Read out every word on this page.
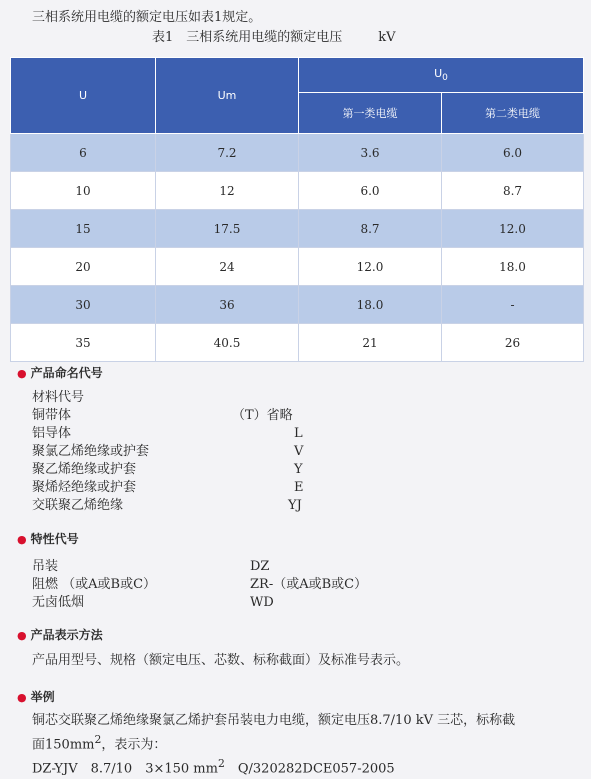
三相系统用电缆的额定电压如表1规定。
表1　三相系统用电缆的额定电压	kV
U	Um	$U_0$
		第一类电缆	第二类电缆
6	7.2	3.6	6.0
10	12	6.0	8.7
15	17.5	8.7	12.0
20	24	12.0	18.0
30	36	18.0	-
35	40.5	21	26
● 产品命名代号
材料代号
铜带体	（T）省略
铝导体	L
聚氯乙烯绝缘或护套	V
聚乙烯绝缘或护套	Y
聚烯烃绝缘或护套	E
交联聚乙烯绝缘	YJ
● 特性代号
吊装	DZ
阻燃 （或A或B或C）	ZR-（或A或B或C）
无卤低烟	WD
● 产品表示方法
产品用型号、规格（额定电压、芯数、标称截面）及标准号表示。
● 举例
铜芯交联聚乙烯绝缘聚氯乙烯护套吊装电力电缆，额定电压8.7/10 kV 三芯，标称截
面$150mm^2$，表示为：
DZ-YJV　8.7/10　3×150 $mm^2$　Q/320282DCE057-2005
